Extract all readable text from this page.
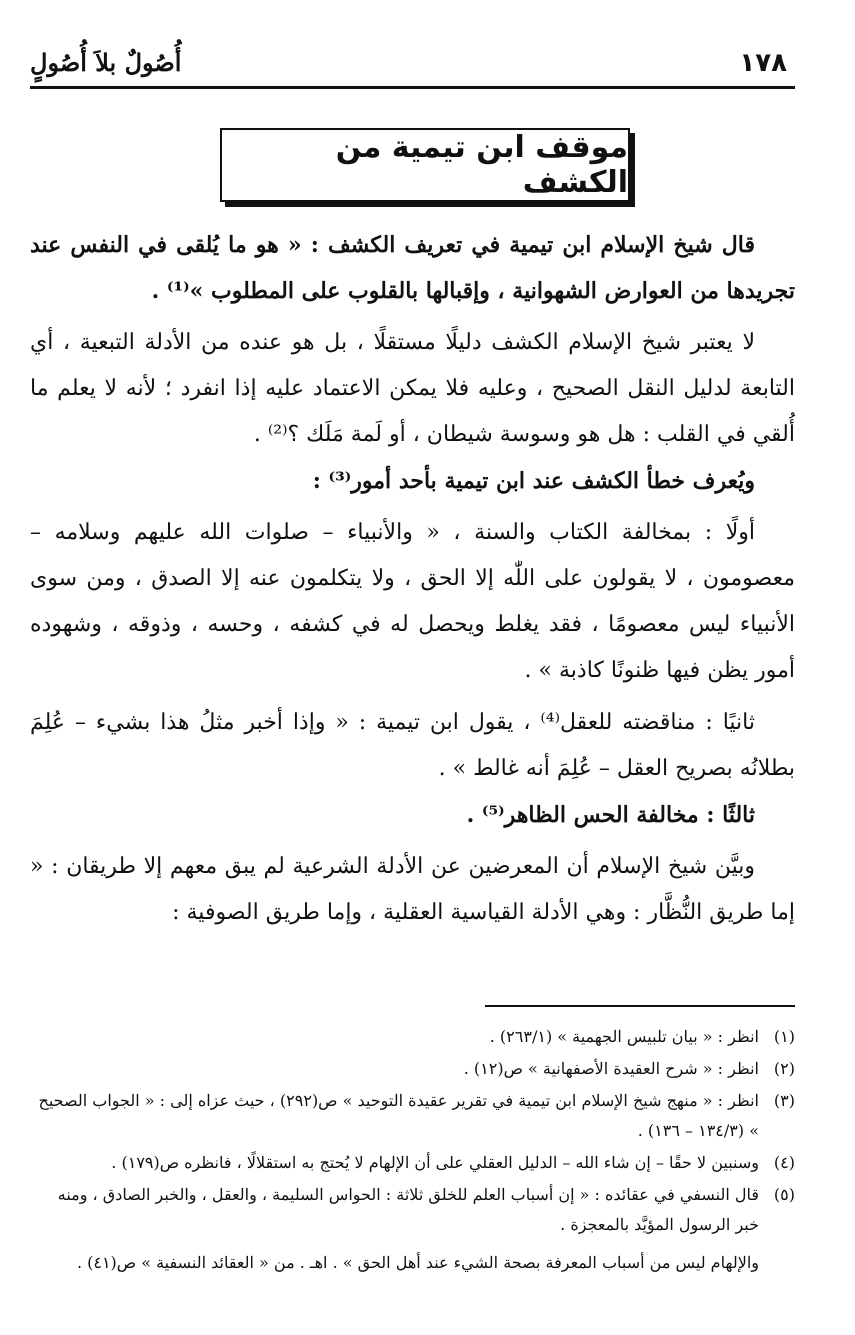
١٧٨
أُصُولٌ بلاَ أُصُولٍ
موقف ابن تيمية من الكشف

قال شيخ الإسلام ابن تيمية في تعريف الكشف : « هو ما يُلقى في النفس عند تجريدها من العوارض الشهوانية ، وإقبالها بالقلوب على المطلوب »⁽¹⁾ .

لا يعتبر شيخ الإسلام الكشف دليلًا مستقلًا ، بل هو عنده من الأدلة التبعية ، أي التابعة لدليل النقل الصحيح ، وعليه فلا يمكن الاعتماد عليه إذا انفرد ؛ لأنه لا يعلم ما أُلقي في القلب : هل هو وسوسة شيطان ، أو لَمة مَلَك ؟⁽²⁾ .

ويُعرف خطأ الكشف عند ابن تيمية بأحد أمور⁽³⁾ :

أولًا : بمخالفة الكتاب والسنة ، « والأنبياء – صلوات الله عليهم وسلامه – معصومون ، لا يقولون على اللّٰه إلا الحق ، ولا يتكلمون عنه إلا الصدق ، ومن سوى الأنبياء ليس معصومًا ، فقد يغلط ويحصل له في كشفه ، وحسه ، وذوقه ، وشهوده أمور يظن فيها ظنونًا كاذبة » .

ثانيًا : مناقضته للعقل⁽⁴⁾ ، يقول ابن تيمية : « وإذا أخبر مثلُ هذا بشيء – عُلِمَ بطلانُه بصريح العقل – عُلِمَ أنه غالط » .

ثالثًا : مخالفة الحس الظاهر⁽⁵⁾ .

وبيَّن شيخ الإسلام أن المعرضين عن الأدلة الشرعية لم يبق معهم إلا طريقان : « إما طريق النُّظَّار : وهي الأدلة القياسية العقلية ، وإما طريق الصوفية :

(١)انظر : « بيان تلبيس الجهمية » (٢٦٣/١) .

(٢)انظر : « شرح العقيدة الأصفهانية » ص(١٢) .

(٣)انظر : « منهج شيخ الإسلام ابن تيمية في تقرير عقيدة التوحيد » ص(٢٩٢) ، حيث عزاه إلى : « الجواب الصحيح » (١٣٤/٣ – ١٣٦) .

(٤)وسنبين لا حقًا – إن شاء الله – الدليل العقلي على أن الإلهام لا يُحتج به استقلالًا ، فانظره ص(١٧٩) .

(٥)قال النسفي في عقائده : « إن أسباب العلم للخلق ثلاثة : الحواس السليمة ، والعقل ، والخبر الصادق ، ومنه خبر الرسول المؤيَّد بالمعجزة .

والإلهام ليس من أسباب المعرفة بصحة الشيء عند أهل الحق » . اهـ . من « العقائد النسفية » ص(٤١) .
